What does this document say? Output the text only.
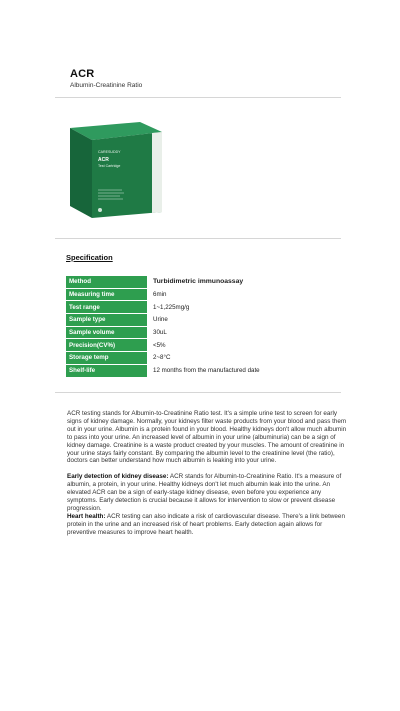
ACR
Albumin-Creatinine Ratio
CARESUDDY
ACR
Test Cartridge
Specification
Method	Turbidimetric immunoassay
Measuring time	6min
Test range	1~1,225mg/g
Sample type	Urine
Sample volume	30uL
Precision(CV%)	<5%
Storage temp	2~8°C
Shelf-life	12 months from the manufactured date

ACR testing stands for Albumin-to-Creatinine Ratio test. It's a simple urine test to screen for early signs of kidney damage. Normally, your kidneys filter waste products from your blood and pass them out in your urine. Albumin is a protein found in your blood. Healthy kidneys don't allow much albumin to pass into your urine. An increased level of albumin in your urine (albuminuria) can be a sign of kidney damage. Creatinine is a waste product created by your muscles. The amount of creatinine in your urine stays fairly constant. By comparing the albumin level to the creatinine level (the ratio), doctors can better understand how much albumin is leaking into your urine.

Early detection of kidney disease: ACR stands for Albumin-to-Creatinine Ratio. It's a measure of albumin, a protein, in your urine. Healthy kidneys don't let much albumin leak into the urine. An elevated ACR can be a sign of early-stage kidney disease, even before you experience any symptoms. Early detection is crucial because it allows for intervention to slow or prevent disease progression.

Heart health: ACR testing can also indicate a risk of cardiovascular disease. There's a link between protein in the urine and an increased risk of heart problems. Early detection again allows for preventive measures to improve heart health.
